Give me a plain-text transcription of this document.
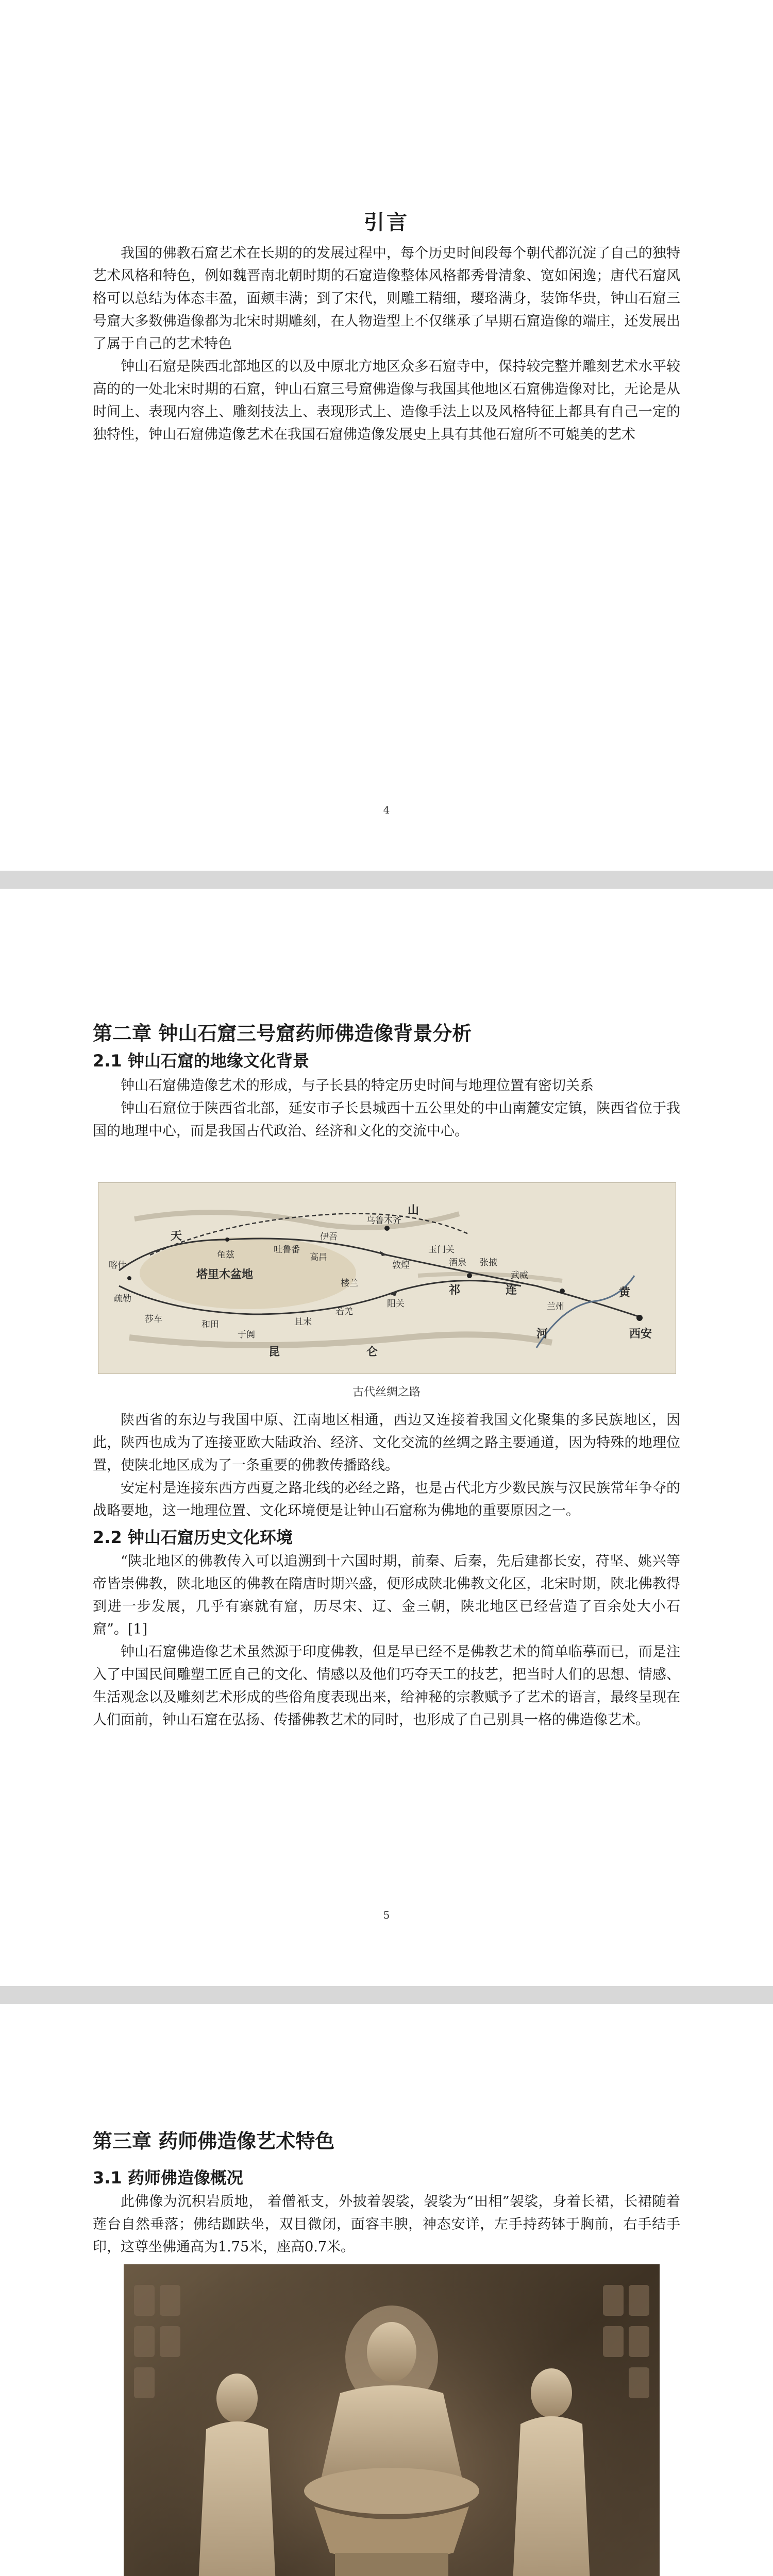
引言

我国的佛教石窟艺术在长期的的发展过程中，每个历史时间段每个朝代都沉淀了自己的独特艺术风格和特色，例如魏晋南北朝时期的石窟造像整体风格都秀骨清象、宽如闲逸；唐代石窟风格可以总结为体态丰盈，面颊丰满；到了宋代，则雕工精细，璎珞满身，装饰华贵，钟山石窟三号窟大多数佛造像都为北宋时期雕刻，在人物造型上不仅继承了早期石窟造像的端庄，还发展出了属于自己的艺术特色

钟山石窟是陕西北部地区的以及中原北方地区众多石窟寺中，保持较完整并雕刻艺术水平较高的的一处北宋时期的石窟，钟山石窟三号窟佛造像与我国其他地区石窟佛造像对比，无论是从时间上、表现内容上、雕刻技法上、表现形式上、造像手法上以及风格特征上都具有自己一定的独特性，钟山石窟佛造像艺术在我国石窟佛造像发展史上具有其他石窟所不可媲美的艺术

4
第二章 钟山石窟三号窟药师佛造像背景分析
2.1 钟山石窟的地缘文化背景

钟山石窟佛造像艺术的形成，与子长县的特定历史时间与地理位置有密切关系

钟山石窟位于陕西省北部，延安市子长县城西十五公里处的中山南麓安定镇，陕西省位于我国的地理中心，而是我国古代政治、经济和文化的交流中心。

天
山
乌鲁木齐
伊吾
西安
兰州
黄
河
敦煌
玉门关
阳关
塔里木盆地
喀什
和田
昆	仑
祁	连
吐鲁番
楼兰
龟兹
且末
于阗
疏勒
莎车
高昌
武威
张掖
酒泉
若羌
古代丝绸之路

陕西省的东边与我国中原、江南地区相通，西边又连接着我国文化聚集的多民族地区，因此，陕西也成为了连接亚欧大陆政治、经济、文化交流的丝绸之路主要通道，因为特殊的地理位置，使陕北地区成为了一条重要的佛教传播路线。

安定村是连接东西方西夏之路北线的必经之路，也是古代北方少数民族与汉民族常年争夺的战略要地，这一地理位置、文化环境便是让钟山石窟称为佛地的重要原因之一。

2.2 钟山石窟历史文化环境

“陕北地区的佛教传入可以追溯到十六国时期，前秦、后秦，先后建都长安，苻坚、姚兴等帝皆崇佛教，陕北地区的佛教在隋唐时期兴盛，便形成陕北佛教文化区，北宋时期，陕北佛教得到进一步发展，几乎有寨就有窟，历尽宋、辽、金三朝，陕北地区已经营造了百余处大小石窟”。[1]

钟山石窟佛造像艺术虽然源于印度佛教，但是早已经不是佛教艺术的简单临摹而已，而是注入了中国民间雕塑工匠自己的文化、情感以及他们巧夺天工的技艺，把当时人们的思想、情感、生活观念以及雕刻艺术形成的些俗角度表现出来，给神秘的宗教赋予了艺术的语言，最终呈现在人们面前，钟山石窟在弘扬、传播佛教艺术的同时，也形成了自己别具一格的佛造像艺术。

5
第三章 药师佛造像艺术特色
3.1 药师佛造像概况

此佛像为沉积岩质地， 着僧衹支，外披着袈裟，袈裟为“田相”袈裟，身着长裙，长裙随着莲台自然垂落；佛结跏趺坐，双目微闭，面容丰腴，神态安详，左手持药钵于胸前，右手结手印，这尊坐佛通高为1.75米，座高0.7米。
